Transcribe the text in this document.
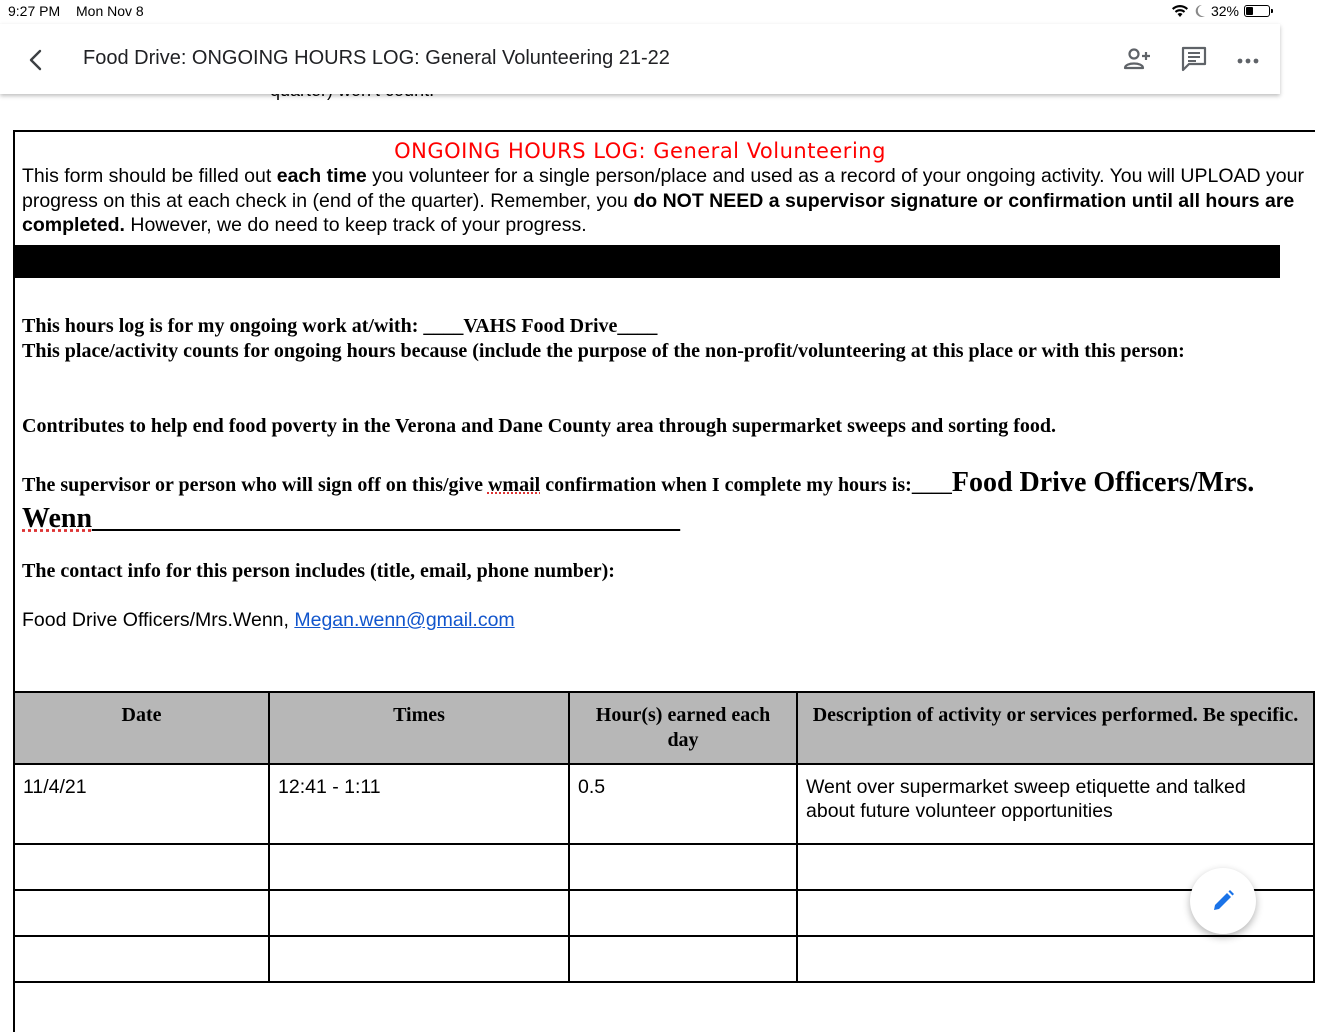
9:27 PM Mon Nov 8	32%
Food Drive: ONGOING HOURS LOG: General Volunteering 21-22
ONGOING HOURS LOG: General Volunteering
This form should be filled out each time you volunteer for a single person/place and used as a record of your ongoing activity. You will UPLOAD your progress on this at each check in (end of the quarter). Remember, you do NOT NEED a supervisor signature or confirmation until all hours are completed. However, we do need to keep track of your progress.
This hours log is for my ongoing work at/with: ____VAHS Food Drive____
This place/activity counts for ongoing hours because (include the purpose of the non-profit/volunteering at this place or with this person:
Contributes to help end food poverty in the Verona and Dane County area through supermarket sweeps and sorting food.
The supervisor or person who will sign off on this/give wmail confirmation when I complete my hours is:____Food Drive Officers/Mrs. Wenn__________________________________________
The contact info for this person includes (title, email, phone number):
Food Drive Officers/Mrs.Wenn, Megan.wenn@gmail.com
Date	Times	Hour(s) earned each day	Description of activity or services performed. Be specific.
11/4/21	12:41 - 1:11	0.5	Went over supermarket sweep etiquette and talked about future volunteer opportunities
